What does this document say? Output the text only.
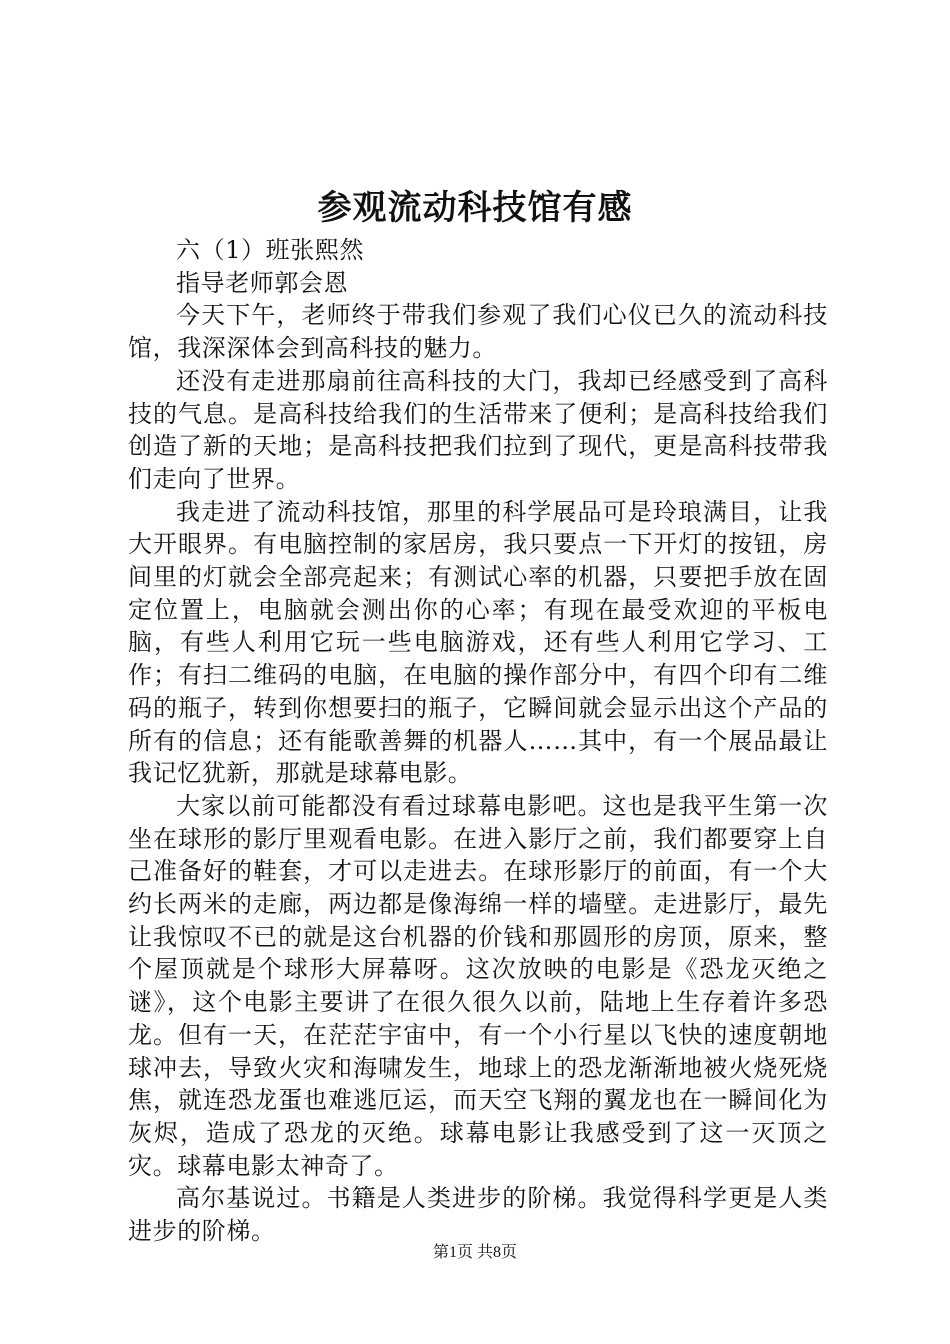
参观流动科技馆有感

六（1）班张熙然

指导老师郭会恩

今天下午，老师终于带我们参观了我们心仪已久的流动科技馆，我深深体会到高科技的魅力。

还没有走进那扇前往高科技的大门，我却已经感受到了高科技的气息。是高科技给我们的生活带来了便利；是高科技给我们创造了新的天地；是高科技把我们拉到了现代，更是高科技带我们走向了世界。

我走进了流动科技馆，那里的科学展品可是玲琅满目，让我大开眼界。有电脑控制的家居房，我只要点一下开灯的按钮，房间里的灯就会全部亮起来；有测试心率的机器，只要把手放在固定位置上，电脑就会测出你的心率；有现在最受欢迎的平板电脑，有些人利用它玩一些电脑游戏，还有些人利用它学习、工作；有扫二维码的电脑，在电脑的操作部分中，有四个印有二维码的瓶子，转到你想要扫的瓶子，它瞬间就会显示出这个产品的所有的信息；还有能歌善舞的机器人……其中，有一个展品最让我记忆犹新，那就是球幕电影。

大家以前可能都没有看过球幕电影吧。这也是我平生第一次坐在球形的影厅里观看电影。在进入影厅之前，我们都要穿上自己准备好的鞋套，才可以走进去。在球形影厅的前面，有一个大约长两米的走廊，两边都是像海绵一样的墙壁。走进影厅，最先让我惊叹不已的就是这台机器的价钱和那圆形的房顶，原来，整个屋顶就是个球形大屏幕呀。这次放映的电影是《恐龙灭绝之谜》，这个电影主要讲了在很久很久以前，陆地上生存着许多恐龙。但有一天，在茫茫宇宙中，有一个小行星以飞快的速度朝地球冲去，导致火灾和海啸发生，地球上的恐龙渐渐地被火烧死烧焦，就连恐龙蛋也难逃厄运，而天空飞翔的翼龙也在一瞬间化为灰烬，造成了恐龙的灭绝。球幕电影让我感受到了这一灭顶之灾。球幕电影太神奇了。

高尔基说过。书籍是人类进步的阶梯。我觉得科学更是人类进步的阶梯。

第1页 共8页
